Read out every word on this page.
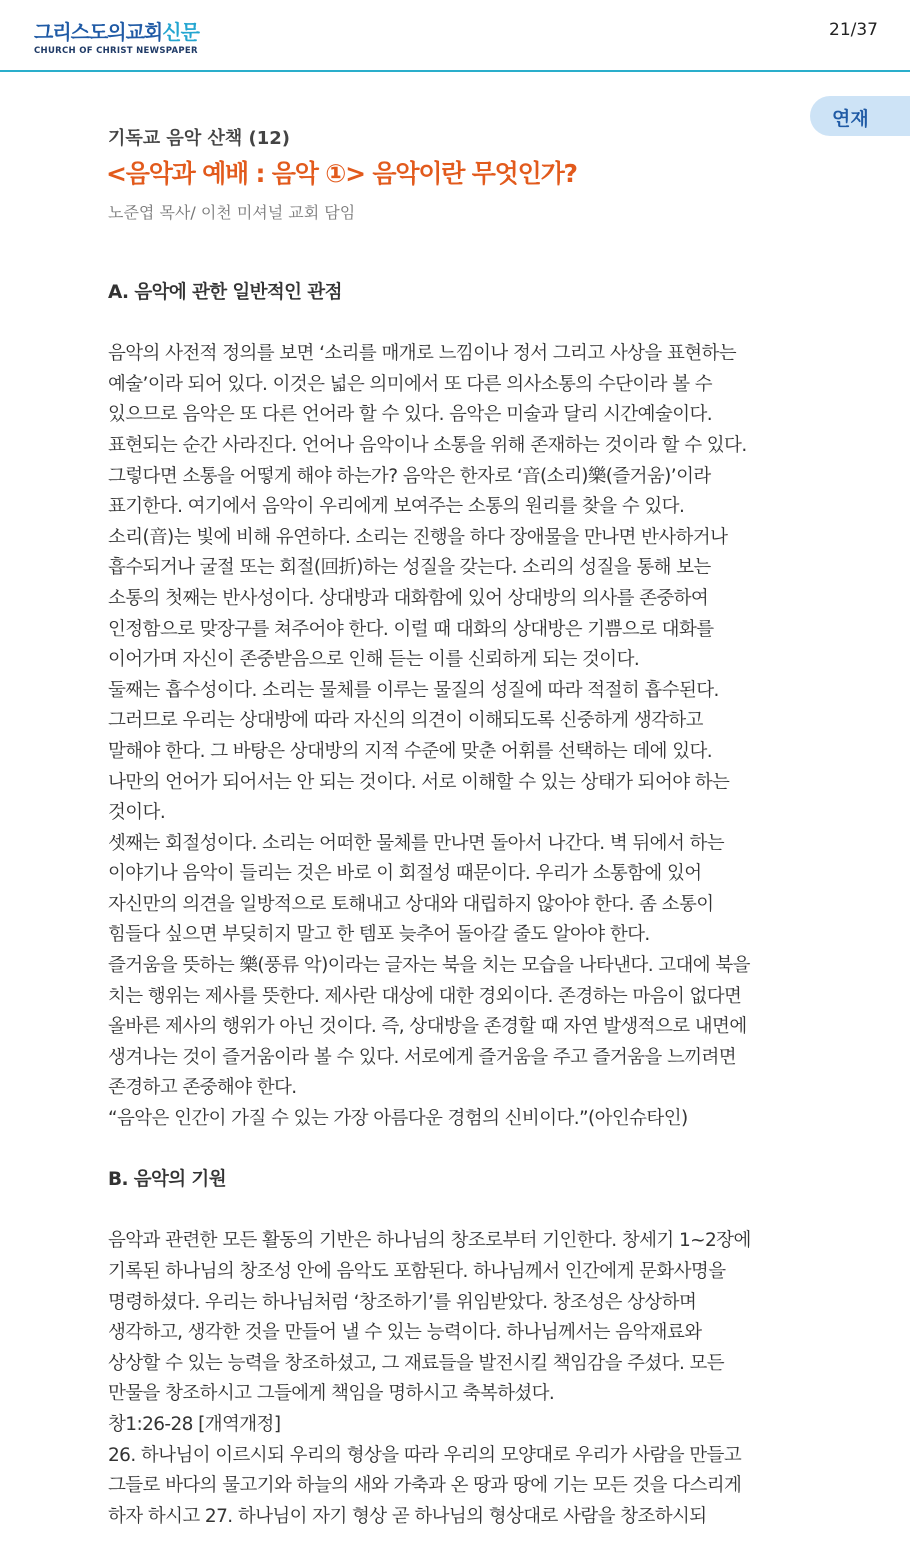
그리스도의교회신문
CHURCH OF CHRIST NEWSPAPER
21/37
연재
기독교 음악 산책 (12)
<음악과 예배 : 음악 ①> 음악이란 무엇인가?
노준엽 목사/ 이천 미셔널 교회 담임

A. 음악에 관한 일반적인 관점

음악의 사전적 정의를 보면 ‘소리를 매개로 느낌이나 정서 그리고 사상을 표현하는

예술’이라 되어 있다. 이것은 넓은 의미에서 또 다른 의사소통의 수단이라 볼 수

있으므로 음악은 또 다른 언어라 할 수 있다. 음악은 미술과 달리 시간예술이다.

표현되는 순간 사라진다. 언어나 음악이나 소통을 위해 존재하는 것이라 할 수 있다.

그렇다면 소통을 어떻게 해야 하는가? 음악은 한자로 ‘音(소리)樂(즐거움)’이라

표기한다. 여기에서 음악이 우리에게 보여주는 소통의 원리를 찾을 수 있다.

소리(音)는 빛에 비해 유연하다. 소리는 진행을 하다 장애물을 만나면 반사하거나

흡수되거나 굴절 또는 회절(回折)하는 성질을 갖는다. 소리의 성질을 통해 보는

소통의 첫째는 반사성이다. 상대방과 대화함에 있어 상대방의 의사를 존중하여

인정함으로 맞장구를 쳐주어야 한다. 이럴 때 대화의 상대방은 기쁨으로 대화를

이어가며 자신이 존중받음으로 인해 듣는 이를 신뢰하게 되는 것이다.

둘째는 흡수성이다. 소리는 물체를 이루는 물질의 성질에 따라 적절히 흡수된다.

그러므로 우리는 상대방에 따라 자신의 의견이 이해되도록 신중하게 생각하고

말해야 한다. 그 바탕은 상대방의 지적 수준에 맞춘 어휘를 선택하는 데에 있다.

나만의 언어가 되어서는 안 되는 것이다. 서로 이해할 수 있는 상태가 되어야 하는

것이다.

셋째는 회절성이다. 소리는 어떠한 물체를 만나면 돌아서 나간다. 벽 뒤에서 하는

이야기나 음악이 들리는 것은 바로 이 회절성 때문이다. 우리가 소통함에 있어

자신만의 의견을 일방적으로 토해내고 상대와 대립하지 않아야 한다. 좀 소통이

힘들다 싶으면 부딪히지 말고 한 템포 늦추어 돌아갈 줄도 알아야 한다.

즐거움을 뜻하는 樂(풍류 악)이라는 글자는 북을 치는 모습을 나타낸다. 고대에 북을

치는 행위는 제사를 뜻한다. 제사란 대상에 대한 경외이다. 존경하는 마음이 없다면

올바른 제사의 행위가 아닌 것이다. 즉, 상대방을 존경할 때 자연 발생적으로 내면에

생겨나는 것이 즐거움이라 볼 수 있다. 서로에게 즐거움을 주고 즐거움을 느끼려면

존경하고 존중해야 한다.

“음악은 인간이 가질 수 있는 가장 아름다운 경험의 신비이다.”(아인슈타인)

B. 음악의 기원

음악과 관련한 모든 활동의 기반은 하나님의 창조로부터 기인한다. 창세기 1~2장에

기록된 하나님의 창조성 안에 음악도 포함된다. 하나님께서 인간에게 문화사명을

명령하셨다. 우리는 하나님처럼 ‘창조하기’를 위임받았다. 창조성은 상상하며

생각하고, 생각한 것을 만들어 낼 수 있는 능력이다. 하나님께서는 음악재료와

상상할 수 있는 능력을 창조하셨고, 그 재료들을 발전시킬 책임감을 주셨다. 모든

만물을 창조하시고 그들에게 책임을 명하시고 축복하셨다.

창1:26-28 [개역개정]

26. 하나님이 이르시되 우리의 형상을 따라 우리의 모양대로 우리가 사람을 만들고

그들로 바다의 물고기와 하늘의 새와 가축과 온 땅과 땅에 기는 모든 것을 다스리게

하자 하시고 27. 하나님이 자기 형상 곧 하나님의 형상대로 사람을 창조하시되
